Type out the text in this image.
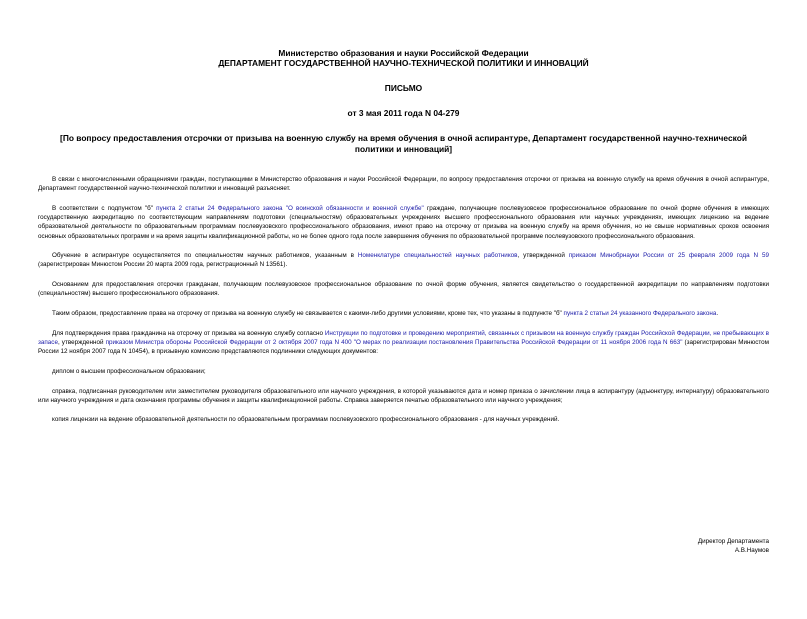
Министерство образования и науки Российской Федерации
ДЕПАРТАМЕНТ ГОСУДАРСТВЕННОЙ НАУЧНО-ТЕХНИЧЕСКОЙ ПОЛИТИКИ И ИННОВАЦИЙ
ПИСЬМО
от 3 мая 2011 года N 04-279
[По вопросу предоставления отсрочки от призыва на военную службу на время обучения в очной аспирантуре, Департамент государственной научно-технической политики и инноваций]

В связи с многочисленными обращениями граждан, поступающими в Министерство образования и науки Российской Федерации, по вопросу предоставления отсрочки от призыва на военную службу на время обучения в очной аспирантуре, Департамент государственной научно-технической политики и инноваций разъясняет.

В соответствии с подпунктом "б" пункта 2 статьи 24 Федерального закона "О воинской обязанности и военной службе" граждане, получающие послевузовское профессиональное образование по очной форме обучения в имеющих государственную аккредитацию по соответствующим направлениям подготовки (специальностям) образовательных учреждениях высшего профессионального образования или научных учреждениях, имеющих лицензию на ведение образовательной деятельности по образовательным программам послевузовского профессионального образования, имеют право на отсрочку от призыва на военную службу на время обучения, но не свыше нормативных сроков освоения основных образовательных программ и на время защиты квалификационной работы, но не более одного года после завершения обучения по образовательной программе послевузовского профессионального образования.

Обучение в аспирантуре осуществляется по специальностям научных работников, указанным в Номенклатуре специальностей научных работников, утвержденной приказом Минобрнауки России от 25 февраля 2009 года N 59 (зарегистрирован Минюстом России 20 марта 2009 года, регистрационный N 13561).

Основанием для предоставления отсрочки гражданам, получающим послевузовское профессиональное образование по очной форме обучения, является свидетельство о государственной аккредитации по направлениям подготовки (специальностям) высшего профессионального образования.

Таким образом, предоставление права на отсрочку от призыва на военную службу не связывается с какими-либо другими условиями, кроме тех, что указаны в подпункте "б" пункта 2 статьи 24 указанного Федерального закона.

Для подтверждения права гражданина на отсрочку от призыва на военную службу согласно Инструкции по подготовке и проведению мероприятий, связанных с призывом на военную службу граждан Российской Федерации, не пребывающих в запасе, утвержденной приказом Министра обороны Российской Федерации от 2 октября 2007 года N 400 "О мерах по реализации постановления Правительства Российской Федерации от 11 ноября 2006 года N 663" (зарегистрирован Минюстом России 12 ноября 2007 года N 10454), в призывную комиссию представляются подлинники следующих документов:

диплом о высшем профессиональном образовании;

справка, подписанная руководителем или заместителем руководителя образовательного или научного учреждения, в которой указываются дата и номер приказа о зачислении лица в аспирантуру (адъюнктуру, интернатуру) образовательного или научного учреждения и дата окончания программы обучения и защиты квалификационной работы. Справка заверяется печатью образовательного или научного учреждения;

копия лицензии на ведение образовательной деятельности по образовательным программам послевузовского профессионального образования - для научных учреждений.

Директор Департамента
А.В.Наумов
